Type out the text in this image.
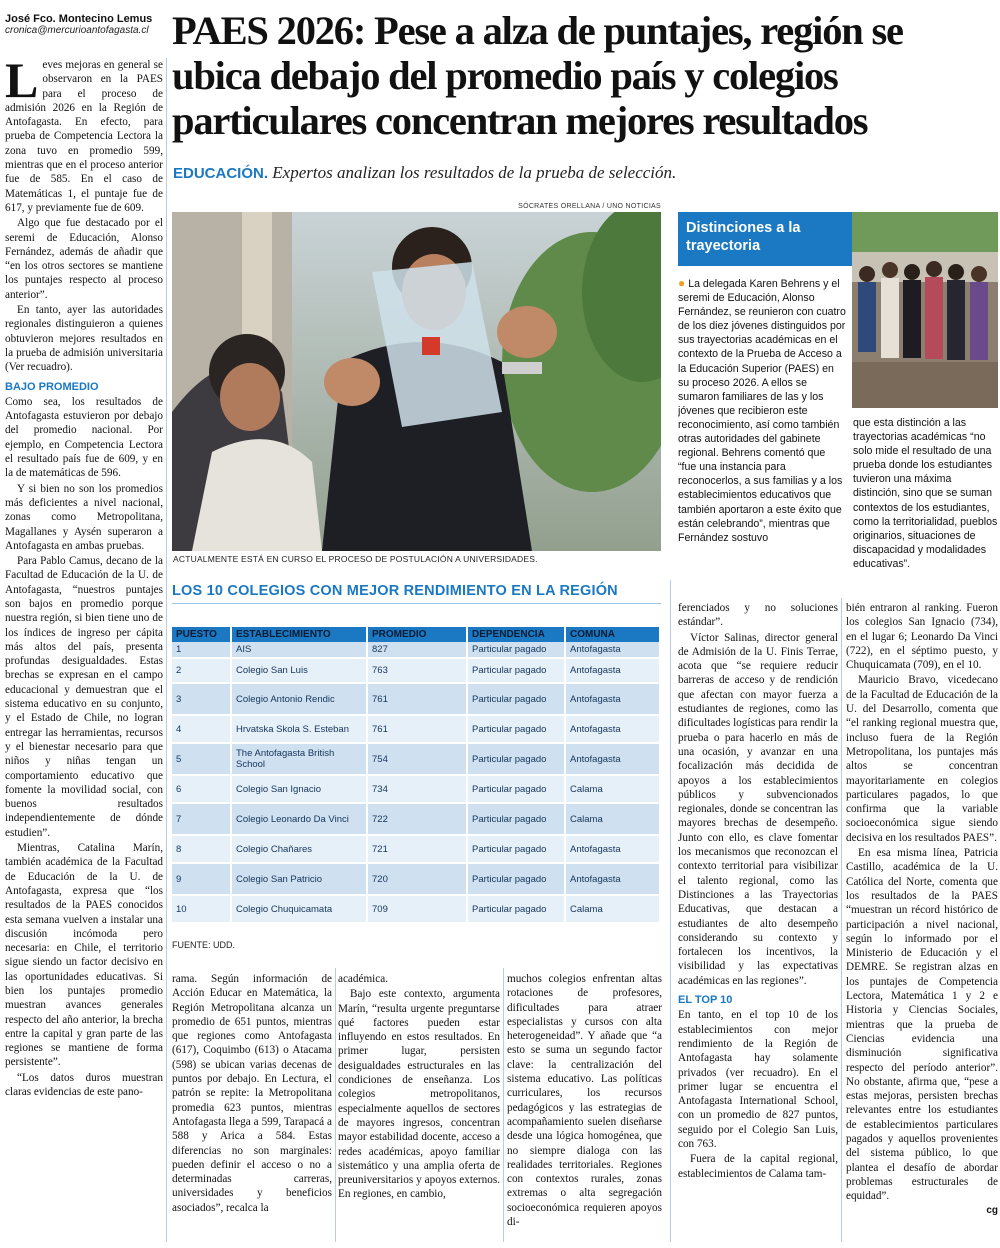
José Fco. Montecino Lemus
cronica@mercurioantofagasta.cl PAES 2026: Pese a alza de puntajes, región se ubica debajo del promedio país y colegios particulares concentran mejores resultados
EDUCACIÓN. Expertos analizan los resultados de la prueba de selección.

Leves mejoras en general se observaron en la PAES para el proceso de admisión 2026 en la Región de Antofagasta. En efecto, para prueba de Competencia Lectora la zona tuvo en promedio 599, mientras que en el proceso anterior fue de 585. En el caso de Matemáticas 1, el puntaje fue de 617, y previamente fue de 609.

Algo que fue destacado por el seremi de Educación, Alonso Fernández, además de añadir que “en los otros sectores se mantiene los puntajes respecto al proceso anterior”.

En tanto, ayer las autoridades regionales distinguieron a quienes obtuvieron mejores resultados en la prueba de admisión universitaria (Ver recuadro).

BAJO PROMEDIO

Como sea, los resultados de Antofagasta estuvieron por debajo del promedio nacional. Por ejemplo, en Competencia Lectora el resultado país fue de 609, y en la de matemáticas de 596.

Y si bien no son los promedios más deficientes a nivel nacional, zonas como Metropolitana, Magallanes y Aysén superaron a Antofagasta en ambas pruebas.

Para Pablo Camus, decano de la Facultad de Educación de la U. de Antofagasta, “nuestros puntajes son bajos en promedio porque nuestra región, si bien tiene uno de los índices de ingreso per cápita más altos del país, presenta profundas desigualdades. Estas brechas se expresan en el campo educacional y demuestran que el sistema educativo en su conjunto, y el Estado de Chile, no logran entregar las herramientas, recursos y el bienestar necesario para que niños y niñas tengan un comportamiento educativo que fomente la movilidad social, con buenos resultados independientemente de dónde estudien”.

Mientras, Catalina Marín, también académica de la Facultad de Educación de la U. de Antofagasta, expresa que “los resultados de la PAES conocidos esta semana vuelven a instalar una discusión incómoda pero necesaria: en Chile, el territorio sigue siendo un factor decisivo en las oportunidades educativas. Si bien los puntajes promedio muestran avances generales respecto del año anterior, la brecha entre la capital y gran parte de las regiones se mantiene de forma persistente”.

“Los datos duros muestran claras evidencias de este pano-

SÓCRATES ORELLANA / UNO NOTICIAS
ACTUALMENTE ESTÁ EN CURSO EL PROCESO DE POSTULACIÓN A UNIVERSIDADES.
Distinciones a la trayectoria
● La delegada Karen Behrens y el seremi de Educación, Alonso Fernández, se reunieron con cuatro de los diez jóvenes distinguidos por sus trayectorias académicas en el contexto de la Prueba de Acceso a la Educación Superior (PAES) en su proceso 2026. A ellos se sumaron familiares de las y los jóvenes que recibieron este reconocimiento, así como también otras autoridades del gabinete regional. Behrens comentó que “fue una instancia para reconocerlos, a sus familias y a los establecimientos educativos que también aportaron a este éxito que están celebrando”, mientras que Fernández sostuvo
que esta distinción a las trayectorias académicas “no solo mide el resultado de una prueba donde los estudiantes tuvieron una máxima distinción, sino que se suman contextos de los estudiantes, como la territorialidad, pueblos originarios, situaciones de discapacidad y modalidades educativas”.
LOS 10 COLEGIOS CON MEJOR RENDIMIENTO EN LA REGIÓN
PUESTO	ESTABLECIMIENTO	PROMEDIO	DEPENDENCIA	COMUNA
1	AIS	827	Particular pagado	Antofagasta
2	Colegio San Luis	763	Particular pagado	Antofagasta
3	Colegio Antonio Rendic	761	Particular pagado	Antofagasta
4	Hrvatska Skola S. Esteban	761	Particular pagado	Antofagasta
5	The Antofagasta British School	754	Particular pagado	Antofagasta
6	Colegio San Ignacio	734	Particular pagado	Calama
7	Colegio Leonardo Da Vinci	722	Particular pagado	Calama
8	Colegio Chañares	721	Particular pagado	Antofagasta
9	Colegio San Patricio	720	Particular pagado	Antofagasta
10	Colegio Chuquicamata	709	Particular pagado	Calama
FUENTE: UDD.

rama. Según información de Acción Educar en Matemática, la Región Metropolitana alcanza un promedio de 651 puntos, mientras que regiones como Antofagasta (617), Coquimbo (613) o Atacama (598) se ubican varias decenas de puntos por debajo. En Lectura, el patrón se repite: la Metropolitana promedia 623 puntos, mientras Antofagasta llega a 599, Tarapacá a 588 y Arica a 584. Estas diferencias no son marginales: pueden definir el acceso o no a determinadas carreras, universidades y beneficios asociados”, recalca la

académica.

Bajo este contexto, argumenta Marín, “resulta urgente preguntarse qué factores pueden estar influyendo en estos resultados. En primer lugar, persisten desigualdades estructurales en las condiciones de enseñanza. Los colegios metropolitanos, especialmente aquellos de sectores de mayores ingresos, concentran mayor estabilidad docente, acceso a redes académicas, apoyo familiar sistemático y una amplia oferta de preuniversitarios y apoyos externos. En regiones, en cambio,

muchos colegios enfrentan altas rotaciones de profesores, dificultades para atraer especialistas y cursos con alta heterogeneidad”. Y añade que “a esto se suma un segundo factor clave: la centralización del sistema educativo. Las políticas curriculares, los recursos pedagógicos y las estrategias de acompañamiento suelen diseñarse desde una lógica homogénea, que no siempre dialoga con las realidades territoriales. Regiones con contextos rurales, zonas extremas o alta segregación socioeconómica requieren apoyos di-

ferenciados y no soluciones estándar”.

Víctor Salinas, director general de Admisión de la U. Finis Terrae, acota que “se requiere reducir barreras de acceso y de rendición que afectan con mayor fuerza a estudiantes de regiones, como las dificultades logísticas para rendir la prueba o para hacerlo en más de una ocasión, y avanzar en una focalización más decidida de apoyos a los establecimientos públicos y subvencionados regionales, donde se concentran las mayores brechas de desempeño. Junto con ello, es clave fomentar los mecanismos que reconozcan el contexto territorial para visibilizar el talento regional, como las Distinciones a las Trayectorias Educativas, que destacan a estudiantes de alto desempeño considerando su contexto y fortalecen los incentivos, la visibilidad y las expectativas académicas en las regiones”.

EL TOP 10

En tanto, en el top 10 de los establecimientos con mejor rendimiento de la Región de Antofagasta hay solamente privados (ver recuadro). En el primer lugar se encuentra el Antofagasta International School, con un promedio de 827 puntos, seguido por el Colegio San Luis, con 763.

Fuera de la capital regional, establecimientos de Calama tam-

bién entraron al ranking. Fueron los colegios San Ignacio (734), en el lugar 6; Leonardo Da Vinci (722), en el séptimo puesto, y Chuquicamata (709), en el 10.

Mauricio Bravo, vicedecano de la Facultad de Educación de la U. del Desarrollo, comenta que “el ranking regional muestra que, incluso fuera de la Región Metropolitana, los puntajes más altos se concentran mayoritariamente en colegios particulares pagados, lo que confirma que la variable socioeconómica sigue siendo decisiva en los resultados PAES”.

En esa misma línea, Patricia Castillo, académica de la U. Católica del Norte, comenta que los resultados de la PAES “muestran un récord histórico de participación a nivel nacional, según lo informado por el Ministerio de Educación y el DEMRE. Se registran alzas en los puntajes de Competencia Lectora, Matemática 1 y 2 e Historia y Ciencias Sociales, mientras que la prueba de Ciencias evidencia una disminución significativa respecto del período anterior”. No obstante, afirma que, “pese a estas mejoras, persisten brechas relevantes entre los estudiantes de establecimientos particulares pagados y aquellos provenientes del sistema público, lo que plantea el desafío de abordar problemas estructurales de equidad”.

cg
